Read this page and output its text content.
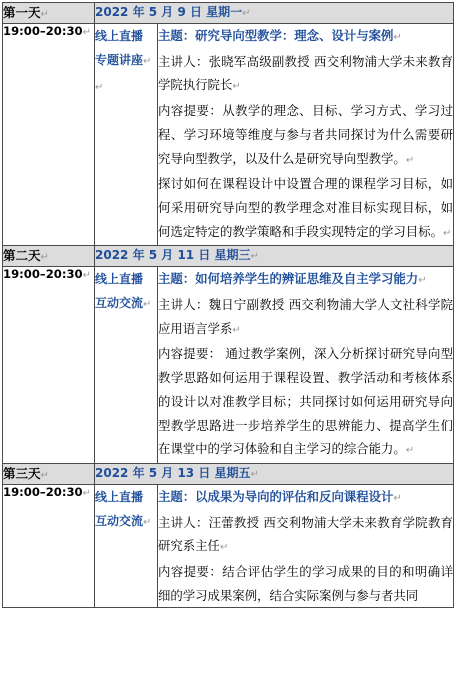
第一天↵	2022 年 5 月 9 日 星期一↵	
19:00–20:30↵	线上直播
专题讲座↵
↵	主题：研究导向型教学：理念、设计与案例↵
主讲人：张晓军高级副教授 西交利物浦大学未来教育学院执行院长↵
内容提要：从教学的理念、目标、学习方式、学习过程、学习环境等维度与参与者共同探讨为什么需要研究导向型教学，以及什么是研究导向型教学。↵
探讨如何在课程设计中设置合理的课程学习目标，如何采用研究导向型的教学理念对准目标实现目标，如何选定特定的教学策略和手段实现特定的学习目标。↵

第二天↵	2022 年 5 月 11 日 星期三↵	
19:00–20:30↵	线上直播
互动交流↵	主题：如何培养学生的辨证思维及自主学习能力↵
主讲人：魏日宁副教授 西交利物浦大学人文社科学院应用语言学系↵
内容提要： 通过教学案例，深入分析探讨研究导向型教学思路如何运用于课程设置、教学活动和考核体系的设计以对准教学目标；共同探讨如何运用研究导向型教学思路进一步培养学生的思辨能力、提高学生们在课堂中的学习体验和自主学习的综合能力。↵

第三天↵	2022 年 5 月 13 日 星期五↵	
19:00–20:30↵	线上直播
互动交流↵	主题：以成果为导向的评估和反向课程设计↵
主讲人：汪蕾教授 西交利物浦大学未来教育学院教育研究系主任↵
内容提要：结合评估学生的学习成果的目的和明确详细的学习成果案例，结合实际案例与参与者共同
